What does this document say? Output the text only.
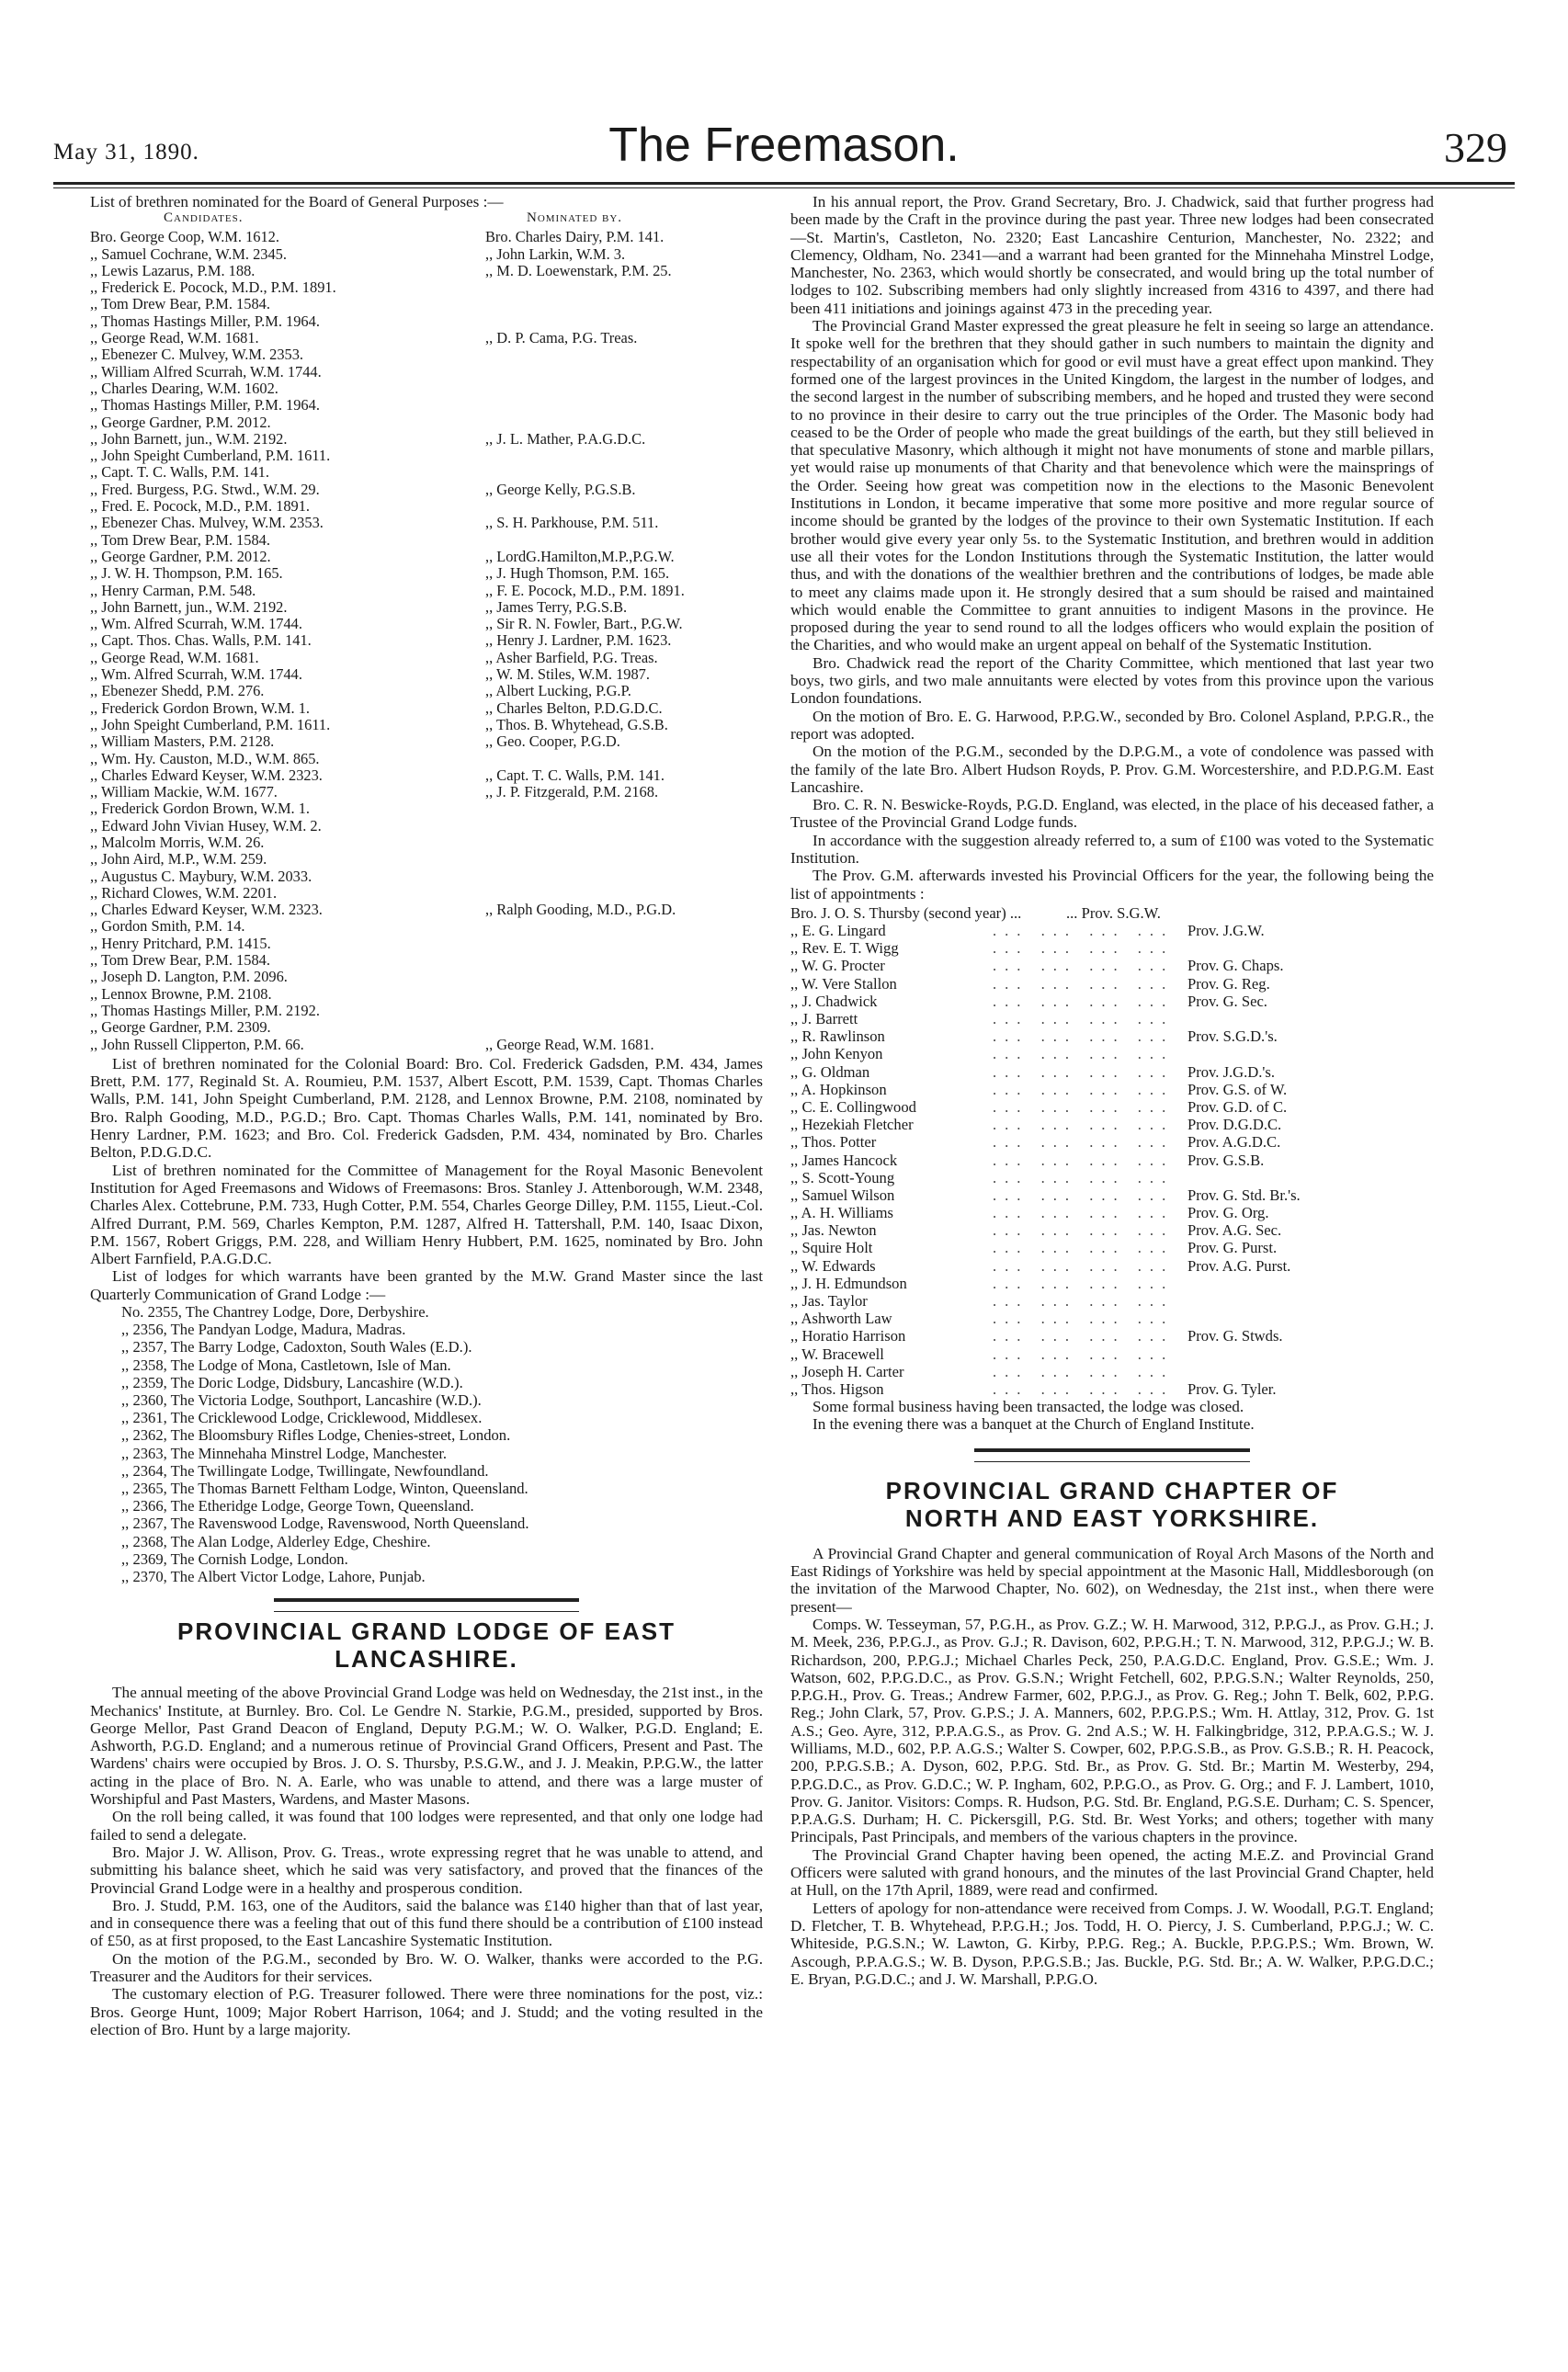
May 31, 1890.	The Freemason.	329

List of brethren nominated for the Board of General Purposes :—

Candidates.	Nominated by.
Bro. George Coop, W.M. 1612.	Bro. Charles Dairy, P.M. 141.
,, Samuel Cochrane, W.M. 2345.	,, John Larkin, W.M. 3.
,, Lewis Lazarus, P.M. 188.	,, M. D. Loewenstark, P.M. 25.
,, Frederick E. Pocock, M.D., P.M. 1891.
,, Tom Drew Bear, P.M. 1584.
,, Thomas Hastings Miller, P.M. 1964.
,, George Read, W.M. 1681.	,, D. P. Cama, P.G. Treas.
,, Ebenezer C. Mulvey, W.M. 2353.
,, William Alfred Scurrah, W.M. 1744.
,, Charles Dearing, W.M. 1602.
,, Thomas Hastings Miller, P.M. 1964.
,, George Gardner, P.M. 2012.
,, John Barnett, jun., W.M. 2192.	,, J. L. Mather, P.A.G.D.C.
,, John Speight Cumberland, P.M. 1611.
,, Capt. T. C. Walls, P.M. 141.
,, Fred. Burgess, P.G. Stwd., W.M. 29.	,, George Kelly, P.G.S.B.
,, Fred. E. Pocock, M.D., P.M. 1891.
,, Ebenezer Chas. Mulvey, W.M. 2353.	,, S. H. Parkhouse, P.M. 511.
,, Tom Drew Bear, P.M. 1584.
,, George Gardner, P.M. 2012.	,, LordG.Hamilton,M.P.,P.G.W.
,, J. W. H. Thompson, P.M. 165.	,, J. Hugh Thomson, P.M. 165.
,, Henry Carman, P.M. 548.	,, F. E. Pocock, M.D., P.M. 1891.
,, John Barnett, jun., W.M. 2192.	,, James Terry, P.G.S.B.
,, Wm. Alfred Scurrah, W.M. 1744.	,, Sir R. N. Fowler, Bart., P.G.W.
,, Capt. Thos. Chas. Walls, P.M. 141.	,, Henry J. Lardner, P.M. 1623.
,, George Read, W.M. 1681.	,, Asher Barfield, P.G. Treas.
,, Wm. Alfred Scurrah, W.M. 1744.	,, W. M. Stiles, W.M. 1987.
,, Ebenezer Shedd, P.M. 276.	,, Albert Lucking, P.G.P.
,, Frederick Gordon Brown, W.M. 1.	,, Charles Belton, P.D.G.D.C.
,, John Speight Cumberland, P.M. 1611.	,, Thos. B. Whytehead, G.S.B.
,, William Masters, P.M. 2128.	,, Geo. Cooper, P.G.D.
,, Wm. Hy. Causton, M.D., W.M. 865.
,, Charles Edward Keyser, W.M. 2323.	,, Capt. T. C. Walls, P.M. 141.
,, William Mackie, W.M. 1677.	,, J. P. Fitzgerald, P.M. 2168.
,, Frederick Gordon Brown, W.M. 1.
,, Edward John Vivian Husey, W.M. 2.
,, Malcolm Morris, W.M. 26.
,, John Aird, M.P., W.M. 259.
,, Augustus C. Maybury, W.M. 2033.
,, Richard Clowes, W.M. 2201.
,, Charles Edward Keyser, W.M. 2323.	,, Ralph Gooding, M.D., P.G.D.
,, Gordon Smith, P.M. 14.
,, Henry Pritchard, P.M. 1415.
,, Tom Drew Bear, P.M. 1584.
,, Joseph D. Langton, P.M. 2096.
,, Lennox Browne, P.M. 2108.
,, Thomas Hastings Miller, P.M. 2192.
,, George Gardner, P.M. 2309.
,, John Russell Clipperton, P.M. 66.	,, George Read, W.M. 1681.

List of brethren nominated for the Colonial Board: Bro. Col. Frederick Gadsden, P.M. 434, James Brett, P.M. 177, Reginald St. A. Roumieu, P.M. 1537, Albert Escott, P.M. 1539, Capt. Thomas Charles Walls, P.M. 141, John Speight Cumberland, P.M. 2128, and Lennox Browne, P.M. 2108, nominated by Bro. Ralph Gooding, M.D., P.G.D.; Bro. Capt. Thomas Charles Walls, P.M. 141, nominated by Bro. Henry Lardner, P.M. 1623; and Bro. Col. Frederick Gadsden, P.M. 434, nominated by Bro. Charles Belton, P.D.G.D.C.

List of brethren nominated for the Committee of Management for the Royal Masonic Benevolent Institution for Aged Freemasons and Widows of Freemasons: Bros. Stanley J. Attenborough, W.M. 2348, Charles Alex. Cottebrune, P.M. 733, Hugh Cotter, P.M. 554, Charles George Dilley, P.M. 1155, Lieut.-Col. Alfred Durrant, P.M. 569, Charles Kempton, P.M. 1287, Alfred H. Tattershall, P.M. 140, Isaac Dixon, P.M. 1567, Robert Griggs, P.M. 228, and William Henry Hubbert, P.M. 1625, nominated by Bro. John Albert Farnfield, P.A.G.D.C.

List of lodges for which warrants have been granted by the M.W. Grand Master since the last Quarterly Communication of Grand Lodge :—

No. 2355, The Chantrey Lodge, Dore, Derbyshire.
,, 2356, The Pandyan Lodge, Madura, Madras.
,, 2357, The Barry Lodge, Cadoxton, South Wales (E.D.).
,, 2358, The Lodge of Mona, Castletown, Isle of Man.
,, 2359, The Doric Lodge, Didsbury, Lancashire (W.D.).
,, 2360, The Victoria Lodge, Southport, Lancashire (W.D.).
,, 2361, The Cricklewood Lodge, Cricklewood, Middlesex.
,, 2362, The Bloomsbury Rifles Lodge, Chenies-street, London.
,, 2363, The Minnehaha Minstrel Lodge, Manchester.
,, 2364, The Twillingate Lodge, Twillingate, Newfoundland.
,, 2365, The Thomas Barnett Feltham Lodge, Winton, Queensland.
,, 2366, The Etheridge Lodge, George Town, Queensland.
,, 2367, The Ravenswood Lodge, Ravenswood, North Queensland.
,, 2368, The Alan Lodge, Alderley Edge, Cheshire.
,, 2369, The Cornish Lodge, London.
,, 2370, The Albert Victor Lodge, Lahore, Punjab.
PROVINCIAL GRAND LODGE OF EAST
LANCASHIRE.

The annual meeting of the above Provincial Grand Lodge was held on Wednesday, the 21st inst., in the Mechanics' Institute, at Burnley. Bro. Col. Le Gendre N. Starkie, P.G.M., presided, supported by Bros. George Mellor, Past Grand Deacon of England, Deputy P.G.M.; W. O. Walker, P.G.D. England; E. Ashworth, P.G.D. England; and a numerous retinue of Provincial Grand Officers, Present and Past. The Wardens' chairs were occupied by Bros. J. O. S. Thursby, P.S.G.W., and J. J. Meakin, P.P.G.W., the latter acting in the place of Bro. N. A. Earle, who was unable to attend, and there was a large muster of Worshipful and Past Masters, Wardens, and Master Masons.

On the roll being called, it was found that 100 lodges were represented, and that only one lodge had failed to send a delegate.

Bro. Major J. W. Allison, Prov. G. Treas., wrote expressing regret that he was unable to attend, and submitting his balance sheet, which he said was very satisfactory, and proved that the finances of the Provincial Grand Lodge were in a healthy and prosperous condition.

Bro. J. Studd, P.M. 163, one of the Auditors, said the balance was £140 higher than that of last year, and in consequence there was a feeling that out of this fund there should be a contribution of £100 instead of £50, as at first proposed, to the East Lancashire Systematic Institution.

On the motion of the P.G.M., seconded by Bro. W. O. Walker, thanks were accorded to the P.G. Treasurer and the Auditors for their services.

The customary election of P.G. Treasurer followed. There were three nominations for the post, viz.: Bros. George Hunt, 1009; Major Robert Harrison, 1064; and J. Studd; and the voting resulted in the election of Bro. Hunt by a large majority.

In his annual report, the Prov. Grand Secretary, Bro. J. Chadwick, said that further progress had been made by the Craft in the province during the past year. Three new lodges had been consecrated—St. Martin's, Castleton, No. 2320; East Lancashire Centurion, Manchester, No. 2322; and Clemency, Oldham, No. 2341—and a warrant had been granted for the Minnehaha Minstrel Lodge, Manchester, No. 2363, which would shortly be consecrated, and would bring up the total number of lodges to 102. Subscribing members had only slightly increased from 4316 to 4397, and there had been 411 initiations and joinings against 473 in the preceding year.

The Provincial Grand Master expressed the great pleasure he felt in seeing so large an attendance. It spoke well for the brethren that they should gather in such numbers to maintain the dignity and respectability of an organisation which for good or evil must have a great effect upon mankind. They formed one of the largest provinces in the United Kingdom, the largest in the number of lodges, and the second largest in the number of subscribing members, and he hoped and trusted they were second to no province in their desire to carry out the true principles of the Order. The Masonic body had ceased to be the Order of people who made the great buildings of the earth, but they still believed in that speculative Masonry, which although it might not have monuments of stone and marble pillars, yet would raise up monuments of that Charity and that benevolence which were the mainsprings of the Order. Seeing how great was competition now in the elections to the Masonic Benevolent Institutions in London, it became imperative that some more positive and more regular source of income should be granted by the lodges of the province to their own Systematic Institution. If each brother would give every year only 5s. to the Systematic Institution, and brethren would in addition use all their votes for the London Institutions through the Systematic Institution, the latter would thus, and with the donations of the wealthier brethren and the contributions of lodges, be made able to meet any claims made upon it. He strongly desired that a sum should be raised and maintained which would enable the Committee to grant annuities to indigent Masons in the province. He proposed during the year to send round to all the lodges officers who would explain the position of the Charities, and who would make an urgent appeal on behalf of the Systematic Institution.

Bro. Chadwick read the report of the Charity Committee, which mentioned that last year two boys, two girls, and two male annuitants were elected by votes from this province upon the various London foundations.

On the motion of Bro. E. G. Harwood, P.P.G.W., seconded by Bro. Colonel Aspland, P.P.G.R., the report was adopted.

On the motion of the P.G.M., seconded by the D.P.G.M., a vote of condolence was passed with the family of the late Bro. Albert Hudson Royds, P. Prov. G.M. Worcestershire, and P.D.P.G.M. East Lancashire.

Bro. C. R. N. Beswicke-Royds, P.G.D. England, was elected, in the place of his deceased father, a Trustee of the Provincial Grand Lodge funds.

In accordance with the suggestion already referred to, a sum of £100 was voted to the Systematic Institution.

The Prov. G.M. afterwards invested his Provincial Officers for the year, the following being the list of appointments :

Bro. J. O. S. Thursby (second year) ...	... Prov. S.G.W.
,, E. G. Lingard	... ... ... ... Prov. J.G.W.
,, Rev. E. T. Wigg	... ... ... ...
,, W. G. Procter	... ... ... ... Prov. G. Chaps.
,, W. Vere Stallon	... ... ... ... Prov. G. Reg.
,, J. Chadwick	... ... ... ... Prov. G. Sec.
,, J. Barrett	... ... ... ...
,, R. Rawlinson	... ... ... ... Prov. S.G.D.'s.
,, John Kenyon	... ... ... ...
,, G. Oldman	... ... ... ... Prov. J.G.D.'s.
,, A. Hopkinson	... ... ... ... Prov. G.S. of W.
,, C. E. Collingwood	... ... ... ... Prov. G.D. of C.
,, Hezekiah Fletcher	... ... ... ... Prov. D.G.D.C.
,, Thos. Potter	... ... ... ... Prov. A.G.D.C.
,, James Hancock	... ... ... ... Prov. G.S.B.
,, S. Scott-Young	... ... ... ...
,, Samuel Wilson	... ... ... ... Prov. G. Std. Br.'s.
,, A. H. Williams	... ... ... ... Prov. G. Org.
,, Jas. Newton	... ... ... ... Prov. A.G. Sec.
,, Squire Holt	... ... ... ... Prov. G. Purst.
,, W. Edwards	... ... ... ... Prov. A.G. Purst.
,, J. H. Edmundson	... ... ... ...
,, Jas. Taylor	... ... ... ...
,, Ashworth Law	... ... ... ...
,, Horatio Harrison	... ... ... ... Prov. G. Stwds.
,, W. Bracewell	... ... ... ...
,, Joseph H. Carter	... ... ... ...
,, Thos. Higson	... ... ... ... Prov. G. Tyler.

Some formal business having been transacted, the lodge was closed.

In the evening there was a banquet at the Church of England Institute.

PROVINCIAL GRAND CHAPTER OF
NORTH AND EAST YORKSHIRE.

A Provincial Grand Chapter and general communication of Royal Arch Masons of the North and East Ridings of Yorkshire was held by special appointment at the Masonic Hall, Middlesborough (on the invitation of the Marwood Chapter, No. 602), on Wednesday, the 21st inst., when there were present—

Comps. W. Tesseyman, 57, P.G.H., as Prov. G.Z.; W. H. Marwood, 312, P.P.G.J., as Prov. G.H.; J. M. Meek, 236, P.P.G.J., as Prov. G.J.; R. Davison, 602, P.P.G.H.; T. N. Marwood, 312, P.P.G.J.; W. B. Richardson, 200, P.P.G.J.; Michael Charles Peck, 250, P.A.G.D.C. England, Prov. G.S.E.; Wm. J. Watson, 602, P.P.G.D.C., as Prov. G.S.N.; Wright Fetchell, 602, P.P.G.S.N.; Walter Reynolds, 250, P.P.G.H., Prov. G. Treas.; Andrew Farmer, 602, P.P.G.J., as Prov. G. Reg.; John T. Belk, 602, P.P.G. Reg.; John Clark, 57, Prov. G.P.S.; J. A. Manners, 602, P.P.G.P.S.; Wm. H. Attlay, 312, Prov. G. 1st A.S.; Geo. Ayre, 312, P.P.A.G.S., as Prov. G. 2nd A.S.; W. H. Falkingbridge, 312, P.P.A.G.S.; W. J. Williams, M.D., 602, P.P. A.G.S.; Walter S. Cowper, 602, P.P.G.S.B., as Prov. G.S.B.; R. H. Peacock, 200, P.P.G.S.B.; A. Dyson, 602, P.P.G. Std. Br., as Prov. G. Std. Br.; Martin M. Westerby, 294, P.P.G.D.C., as Prov. G.D.C.; W. P. Ingham, 602, P.P.G.O., as Prov. G. Org.; and F. J. Lambert, 1010, Prov. G. Janitor. Visitors: Comps. R. Hudson, P.G. Std. Br. England, P.G.S.E. Durham; C. S. Spencer, P.P.A.G.S. Durham; H. C. Pickersgill, P.G. Std. Br. West Yorks; and others; together with many Principals, Past Principals, and members of the various chapters in the province.

The Provincial Grand Chapter having been opened, the acting M.E.Z. and Provincial Grand Officers were saluted with grand honours, and the minutes of the last Provincial Grand Chapter, held at Hull, on the 17th April, 1889, were read and confirmed.

Letters of apology for non-attendance were received from Comps. J. W. Woodall, P.G.T. England; D. Fletcher, T. B. Whytehead, P.P.G.H.; Jos. Todd, H. O. Piercy, J. S. Cumberland, P.P.G.J.; W. C. Whiteside, P.G.S.N.; W. Lawton, G. Kirby, P.P.G. Reg.; A. Buckle, P.P.G.P.S.; Wm. Brown, W. Ascough, P.P.A.G.S.; W. B. Dyson, P.P.G.S.B.; Jas. Buckle, P.G. Std. Br.; A. W. Walker, P.P.G.D.C.; E. Bryan, P.G.D.C.; and J. W. Marshall, P.P.G.O.
